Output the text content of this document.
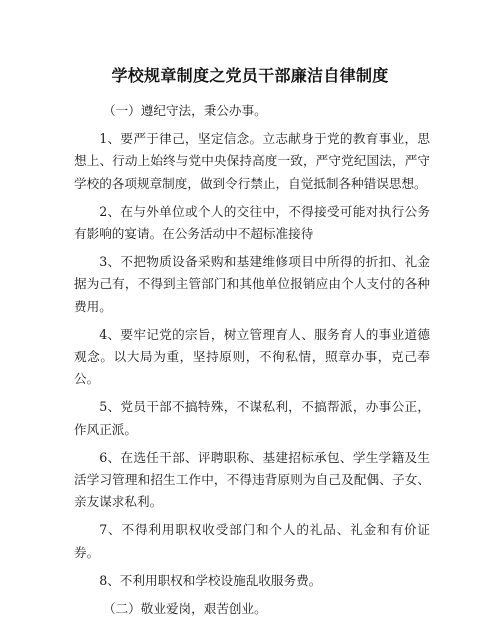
学校规章制度之党员干部廉洁自律制度

（一）遵纪守法，秉公办事。

1、要严于律己，坚定信念。立志献身于党的教育事业，思想上、行动上始终与党中央保持高度一致，严守党纪国法，严守学校的各项规章制度，做到令行禁止，自觉抵制各种错误思想。

2、在与外单位或个人的交往中，不得接受可能对执行公务有影响的宴请。在公务活动中不超标准接待

3、不把物质设备采购和基建维修项目中所得的折扣、礼金据为己有，不得到主管部门和其他单位报销应由个人支付的各种费用。

4、要牢记党的宗旨，树立管理育人、服务育人的事业道德观念。以大局为重，坚持原则，不徇私情，照章办事，克己奉公。

5、党员干部不搞特殊，不谋私利，不搞帮派，办事公正，作风正派。

6、在选任干部、评聘职称、基建招标承包、学生学籍及生活学习管理和招生工作中，不得违背原则为自己及配偶、子女、亲友谋求私利。

7、不得利用职权收受部门和个人的礼品、礼金和有价证券。

8、不利用职权和学校设施乱收服务费。

（二）敬业爱岗，艰苦创业。
